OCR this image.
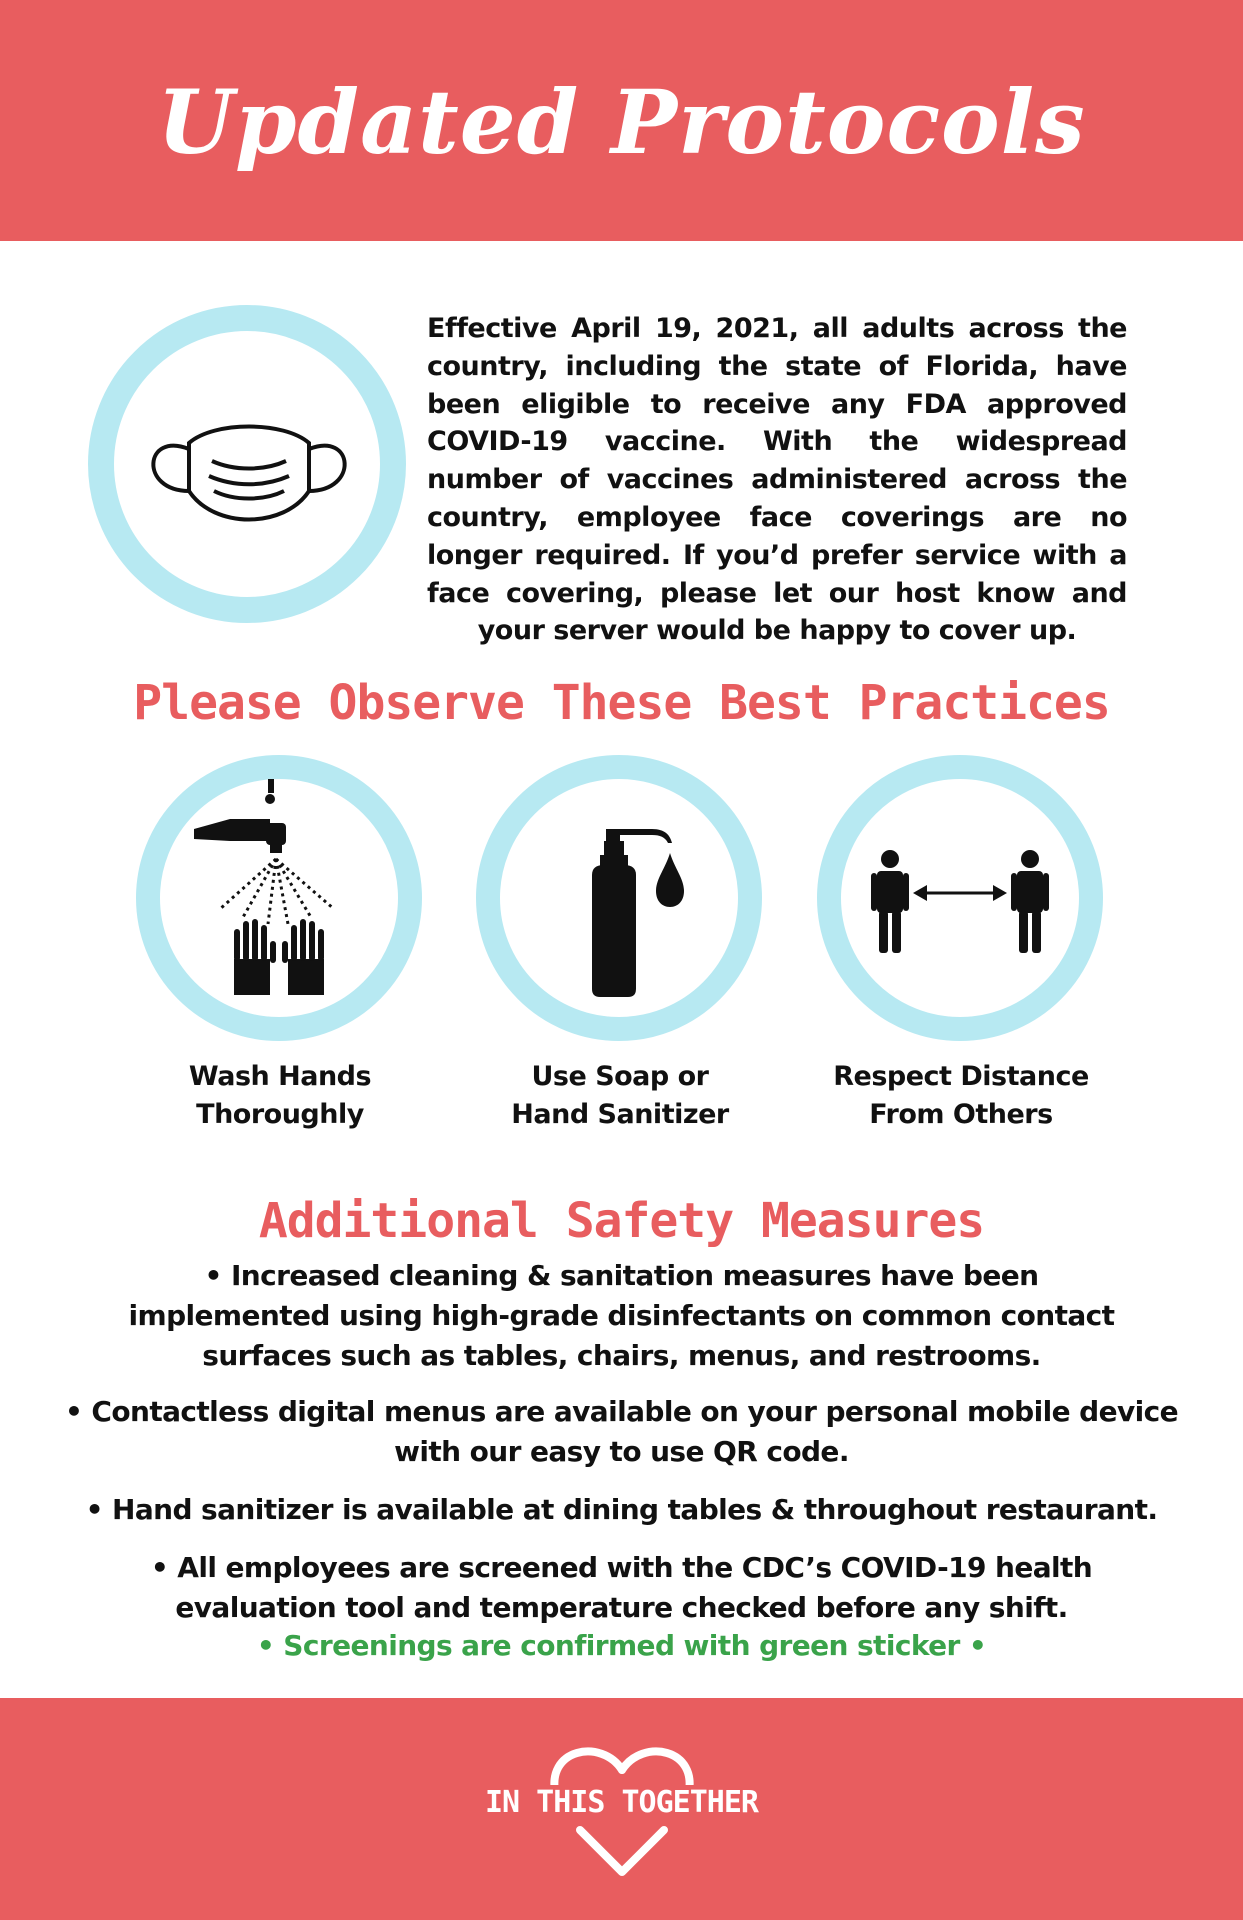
Updated Protocols
Effective April 19, 2021, all adults across the country, including the state of Florida, have been eligible to receive any FDA approved COVID-19 vaccine. With the widespread number of vaccines administered across the country, employee face coverings are no longer required. If you’d prefer service with a face covering, please let our host know and your server would be happy to cover up.
Please Observe These Best Practices
Wash Hands
Thoroughly
Use Soap or
Hand Sanitizer
Respect Distance
From Others
Additional Safety Measures
• Increased cleaning & sanitation measures have been implemented using high-grade disinfectants on common contact surfaces such as tables, chairs, menus, and restrooms.
• Contactless digital menus are available on your personal mobile device with our easy to use QR code.
• Hand sanitizer is available at dining tables & throughout restaurant.
• All employees are screened with the CDC’s COVID-19 health evaluation tool and temperature checked before any shift.
• Screenings are confirmed with green sticker •
IN THIS TOGETHER
